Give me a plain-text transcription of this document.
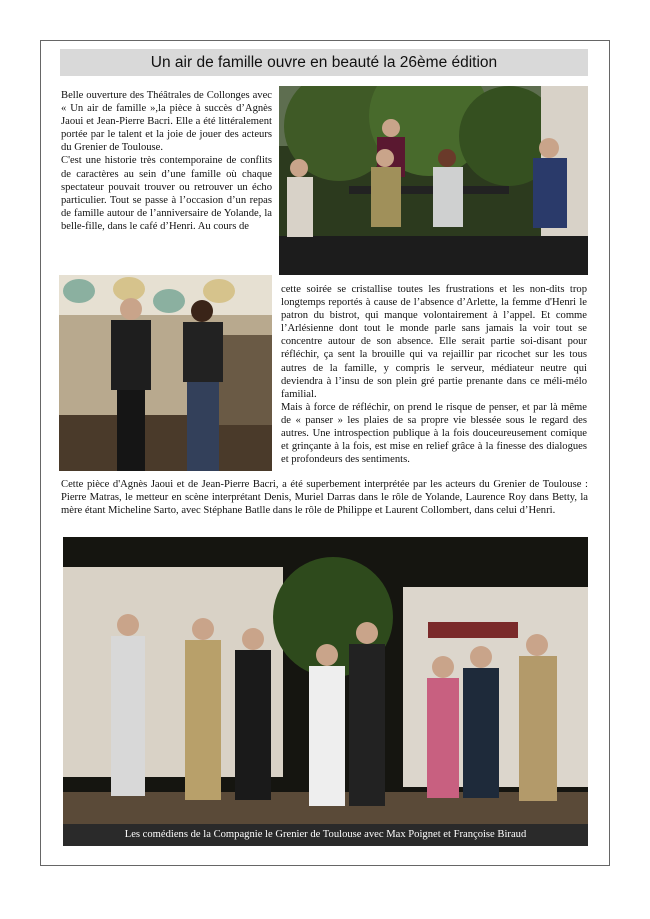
Un air de famille ouvre en beauté la 26ème édition

Belle ouverture des Théâtrales de Collonges avec « Un air de famille »,la pièce à succès d’Agnès Jaoui et Jean-Pierre Bacri. Elle a été littéralement portée par le talent et la joie de jouer des acteurs du Grenier de Toulouse.

C'est une historie très contemporaine de conflits de caractères au sein d’une famille où chaque spectateur pouvait trouver ou retrouver un écho particulier. Tout se passe à l’occasion d’un repas de famille autour de l’anniversaire de Yolande, la belle-fille, dans le café d’Henri. Au cours de

cette soirée se cristallise toutes les frustrations et les non-dits trop longtemps reportés à cause de l’absence d’Arlette, la femme d'Henri le patron du bistrot, qui manque volontairement à l’appel. Et comme l’Arlésienne dont tout le monde parle sans jamais la voir tout se concentre autour de son absence. Elle serait partie soi-disant pour réfléchir, ça sent la brouille qui va rejaillir par ricochet sur les tous autres de la famille, y compris le serveur, médiateur neutre qui deviendra à l’insu de son plein gré partie prenante dans ce méli-mélo familial.

Mais à force de réfléchir, on prend le risque de penser, et par là même de « panser » les plaies de sa propre vie blessée sous le regard des autres. Une introspection publique à la fois douceureusement comique et grinçante à la fois, est mise en relief grâce à la finesse des dialogues et profondeurs des sentiments.

Cette pièce d'Agnès Jaoui et de Jean-Pierre Bacri, a été superbement interprétée par les acteurs du Grenier de Toulouse : Pierre Matras, le metteur en scène interprétant Denis, Muriel Darras dans le rôle de Yolande, Laurence Roy dans Betty, la mère étant Micheline Sarto, avec Stéphane Batlle dans le rôle de Philippe et Laurent Collombert, dans celui d’Henri.

Les comédiens de la Compagnie le Grenier de Toulouse avec Max Poignet et Françoise Biraud
